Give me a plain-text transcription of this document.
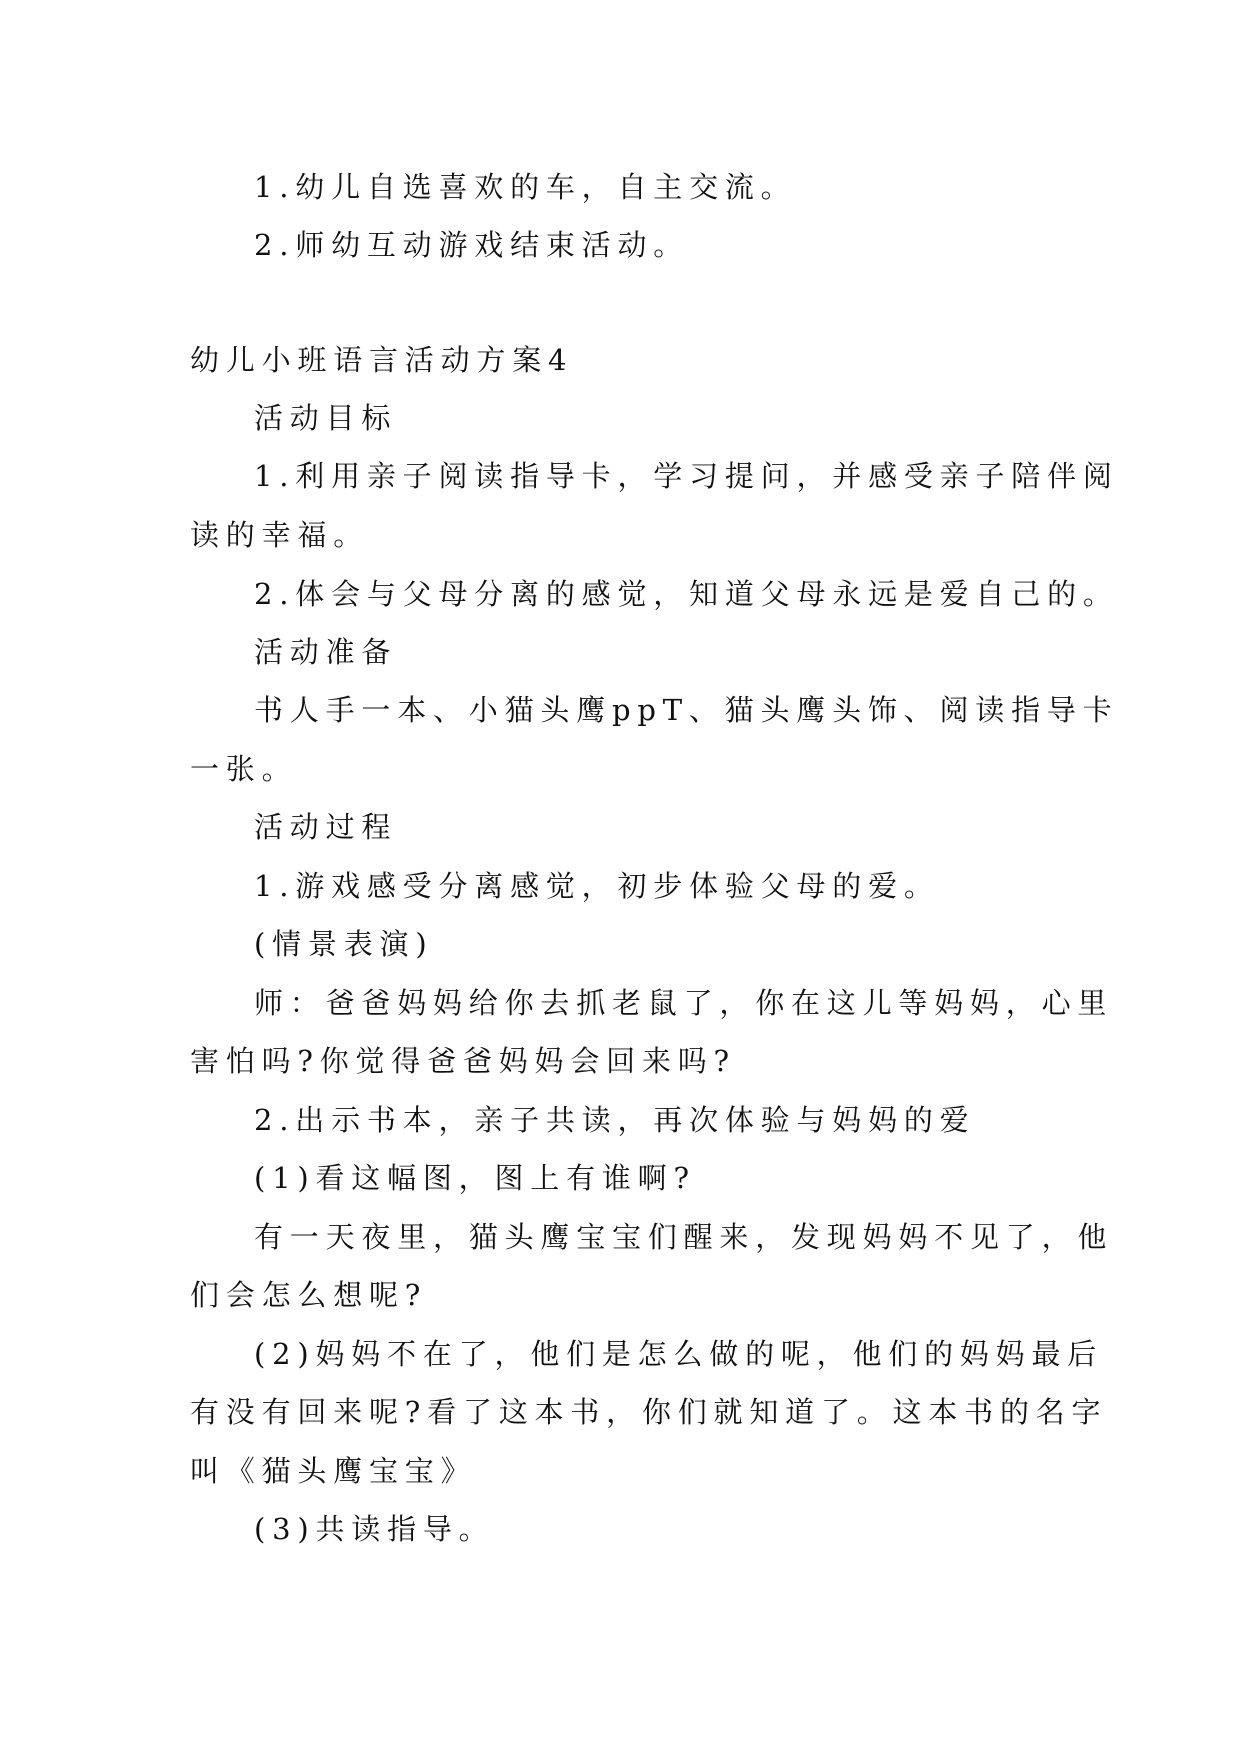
1.幼儿自选喜欢的车，自主交流。
2.师幼互动游戏结束活动。
幼儿小班语言活动方案4
活动目标
1.利用亲子阅读指导卡，学习提问，并感受亲子陪伴阅
读的幸福。
2.体会与父母分离的感觉，知道父母永远是爱自己的。
活动准备
书人手一本、小猫头鹰ppT、猫头鹰头饰、阅读指导卡
一张。
活动过程
1.游戏感受分离感觉，初步体验父母的爱。
(情景表演)
师：爸爸妈妈给你去抓老鼠了，你在这儿等妈妈，心里
害怕吗?你觉得爸爸妈妈会回来吗?
2.出示书本，亲子共读，再次体验与妈妈的爱
(1)看这幅图，图上有谁啊?
有一天夜里，猫头鹰宝宝们醒来，发现妈妈不见了，他
们会怎么想呢?
(2)妈妈不在了，他们是怎么做的呢，他们的妈妈最后
有没有回来呢?看了这本书，你们就知道了。这本书的名字
叫《猫头鹰宝宝》
(3)共读指导。
